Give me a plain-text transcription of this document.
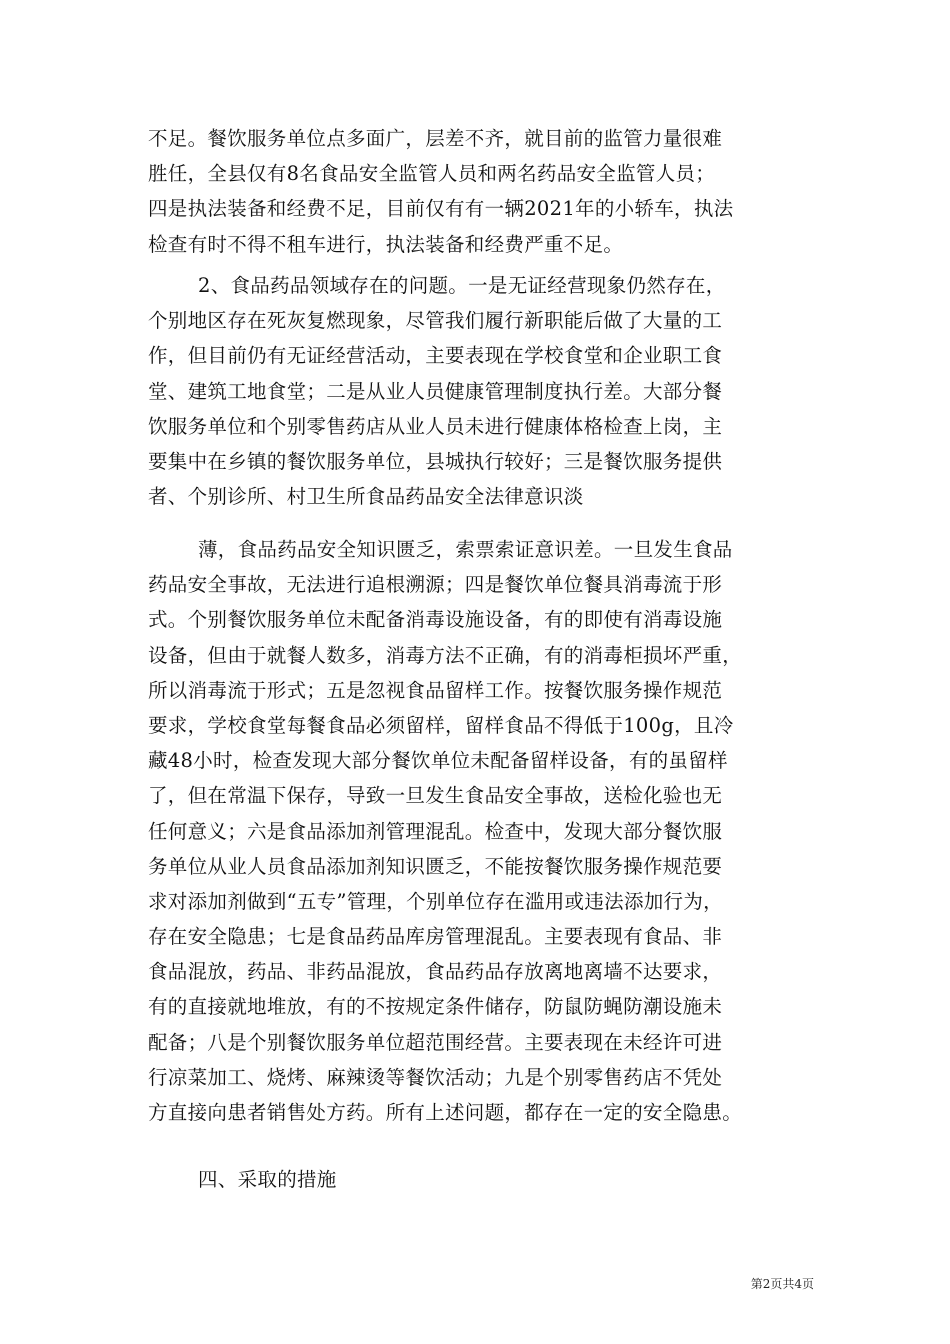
不足。餐饮服务单位点多面广，层差不齐，就目前的监管力量很难
胜任，全县仅有8名食品安全监管人员和两名药品安全监管人员；
四是执法装备和经费不足，目前仅有有一辆2021年的小轿车，执法
检查有时不得不租车进行，执法装备和经费严重不足。
2、食品药品领域存在的问题。一是无证经营现象仍然存在，
个别地区存在死灰复燃现象，尽管我们履行新职能后做了大量的工
作，但目前仍有无证经营活动，主要表现在学校食堂和企业职工食
堂、建筑工地食堂；二是从业人员健康管理制度执行差。大部分餐
饮服务单位和个别零售药店从业人员未进行健康体格检查上岗，主
要集中在乡镇的餐饮服务单位，县城执行较好；三是餐饮服务提供
者、个别诊所、村卫生所食品药品安全法律意识淡
薄，食品药品安全知识匮乏，索票索证意识差。一旦发生食品
药品安全事故，无法进行追根溯源；四是餐饮单位餐具消毒流于形
式。个别餐饮服务单位未配备消毒设施设备，有的即使有消毒设施
设备，但由于就餐人数多，消毒方法不正确，有的消毒柜损坏严重，
所以消毒流于形式；五是忽视食品留样工作。按餐饮服务操作规范
要求，学校食堂每餐食品必须留样，留样食品不得低于100g，且冷
藏48小时，检查发现大部分餐饮单位未配备留样设备，有的虽留样
了，但在常温下保存，导致一旦发生食品安全事故，送检化验也无
任何意义；六是食品添加剂管理混乱。检查中，发现大部分餐饮服
务单位从业人员食品添加剂知识匮乏，不能按餐饮服务操作规范要
求对添加剂做到“五专”管理，个别单位存在滥用或违法添加行为，
存在安全隐患；七是食品药品库房管理混乱。主要表现有食品、非
食品混放，药品、非药品混放，食品药品存放离地离墙不达要求，
有的直接就地堆放，有的不按规定条件储存，防鼠防蝇防潮设施未
配备；八是个别餐饮服务单位超范围经营。主要表现在未经许可进
行凉菜加工、烧烤、麻辣烫等餐饮活动；九是个别零售药店不凭处
方直接向患者销售处方药。所有上述问题，都存在一定的安全隐患。
四、采取的措施
第2页共4页
